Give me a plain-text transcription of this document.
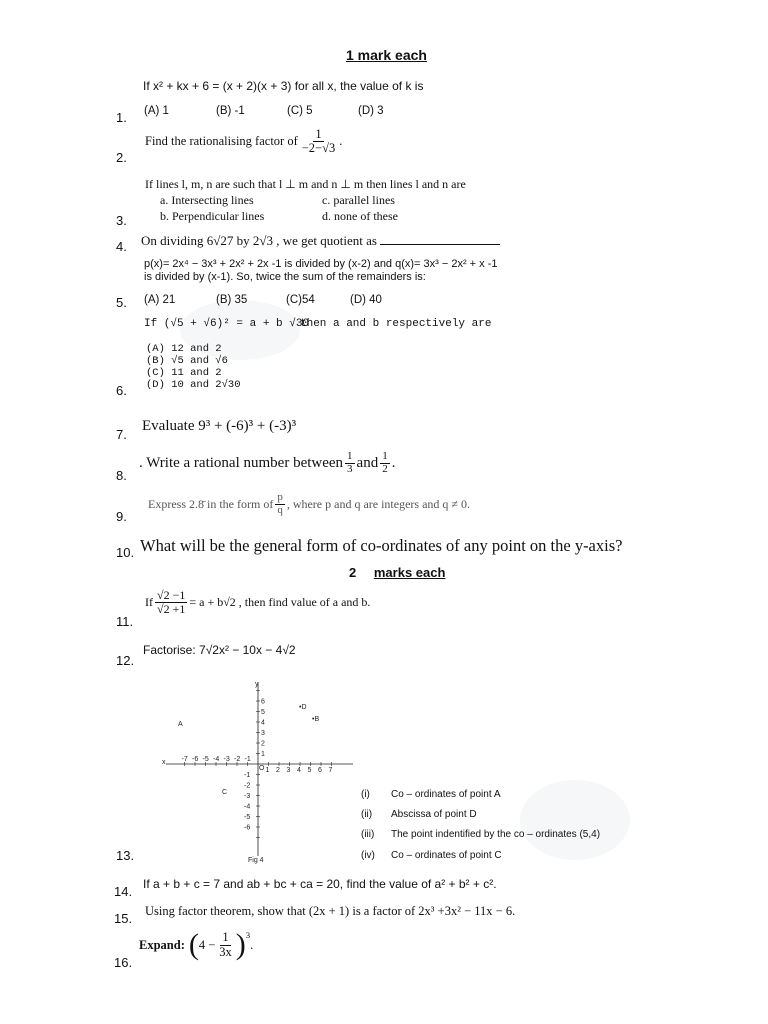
1 mark each
If x² + kx + 6 = (x + 2)(x + 3) for all x, the value of k is
(A) 1	(B) -1	(C) 5	(D) 3
1.
Find the rationalising factor of $\frac{1}{-2-√3}$ .
2.
If lines l, m, n are such that l ⊥ m and n ⊥ m then lines l and n are
a. Intersecting lines	c. parallel lines
b. Perpendicular lines	d. none of these
3.
On dividing 6√27 by 2√3 , we get quotient as
4.
p(x)= 2x⁴ − 3x³ + 2x² + 2x -1 is divided by (x-2) and q(x)= 3x³ − 2x² + x -1
is divided by (x-1). So, twice the sum of the remainders is:
(A) 21	(B) 35	(C)54	(D) 40
5.
If (√5 + √6)² = a + b √30
then a and b respectively are
(A) 12 and 2
(B) √5 and √6
(C) 11 and 2
(D) 10 and 2√30
6.
Evaluate 9³ + (-6)³ + (-3)³
7.
. Write a rational number between $\frac{1}{3}$ and $\frac{1}{2}$ .
8.
Express 2.8̄ in the form of $\frac{p}{q}$ , where p and q are integers and q ≠ 0.
9.
What will be the general form of co-ordinates of any point on the y-axis?
10.
2 marks each
If $\frac{√2 -1}{√2 +1} = a + b√2$ , then find value of a and b.
11.
Factorise: 7√2x² − 10x − 4√2
12.
-7 -6 -5 -4 -3 -2 -1
1 2 3 4 5 6 7
-6
-5
-4
-3
-2
-1
1
2
3
4
5
6
y
x
O
•D
•B
A
C
Fig 4
(i) Co – ordinates of point A
(ii) Abscissa of point D
(iii) The point indentified by the co – ordinates (5,4)
(iv) Co – ordinates of point C
13.
If a + b + c = 7 and ab + bc + ca = 20, find the value of a² + b² + c².
14.
Using factor theorem, show that (2x + 1) is a factor of 2x³ +3x² − 11x − 6.
15.
Expand: ( $4 - \frac{1}{3x} )^3$
.
16.
